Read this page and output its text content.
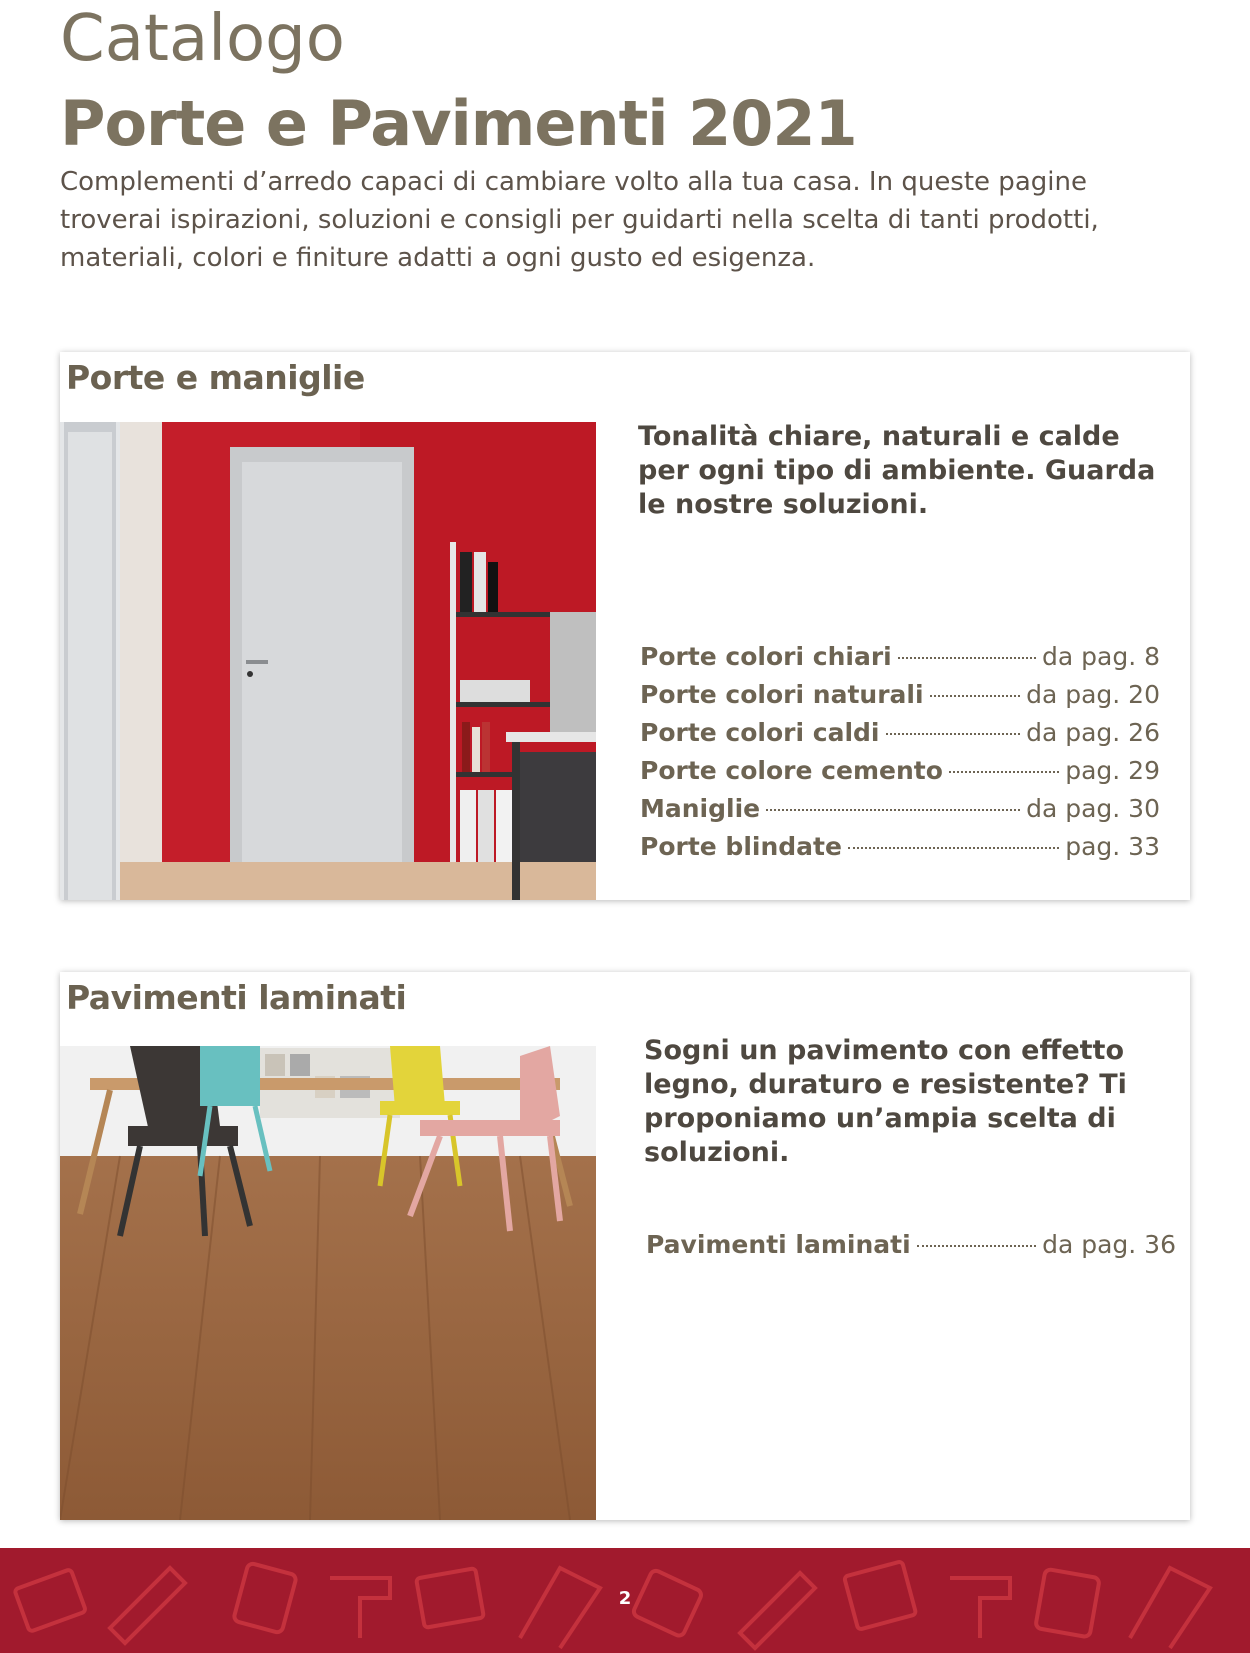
Catalogo
Porte e Pavimenti 2021

Complementi d’arredo capaci di cambiare volto alla tua casa. In queste pagine troverai ispirazioni, soluzioni e consigli per guidarti nella scelta di tanti prodotti, materiali, colori e finiture adatti a ogni gusto ed esigenza.

Porte e maniglie

Tonalità chiare, naturali e calde per ogni tipo di ambiente. Guarda le nostre soluzioni.

Porte colori chiari	da pag. 8
Porte colori naturali	da pag. 20
Porte colori caldi	da pag. 26
Porte colore cemento	pag. 29
Maniglie	da pag. 30
Porte blindate	pag. 33
Pavimenti laminati

Sogni un pavimento con effetto legno, duraturo e resistente? Ti proponiamo un’ampia scelta di soluzioni.

Pavimenti laminati	da pag. 36
2
